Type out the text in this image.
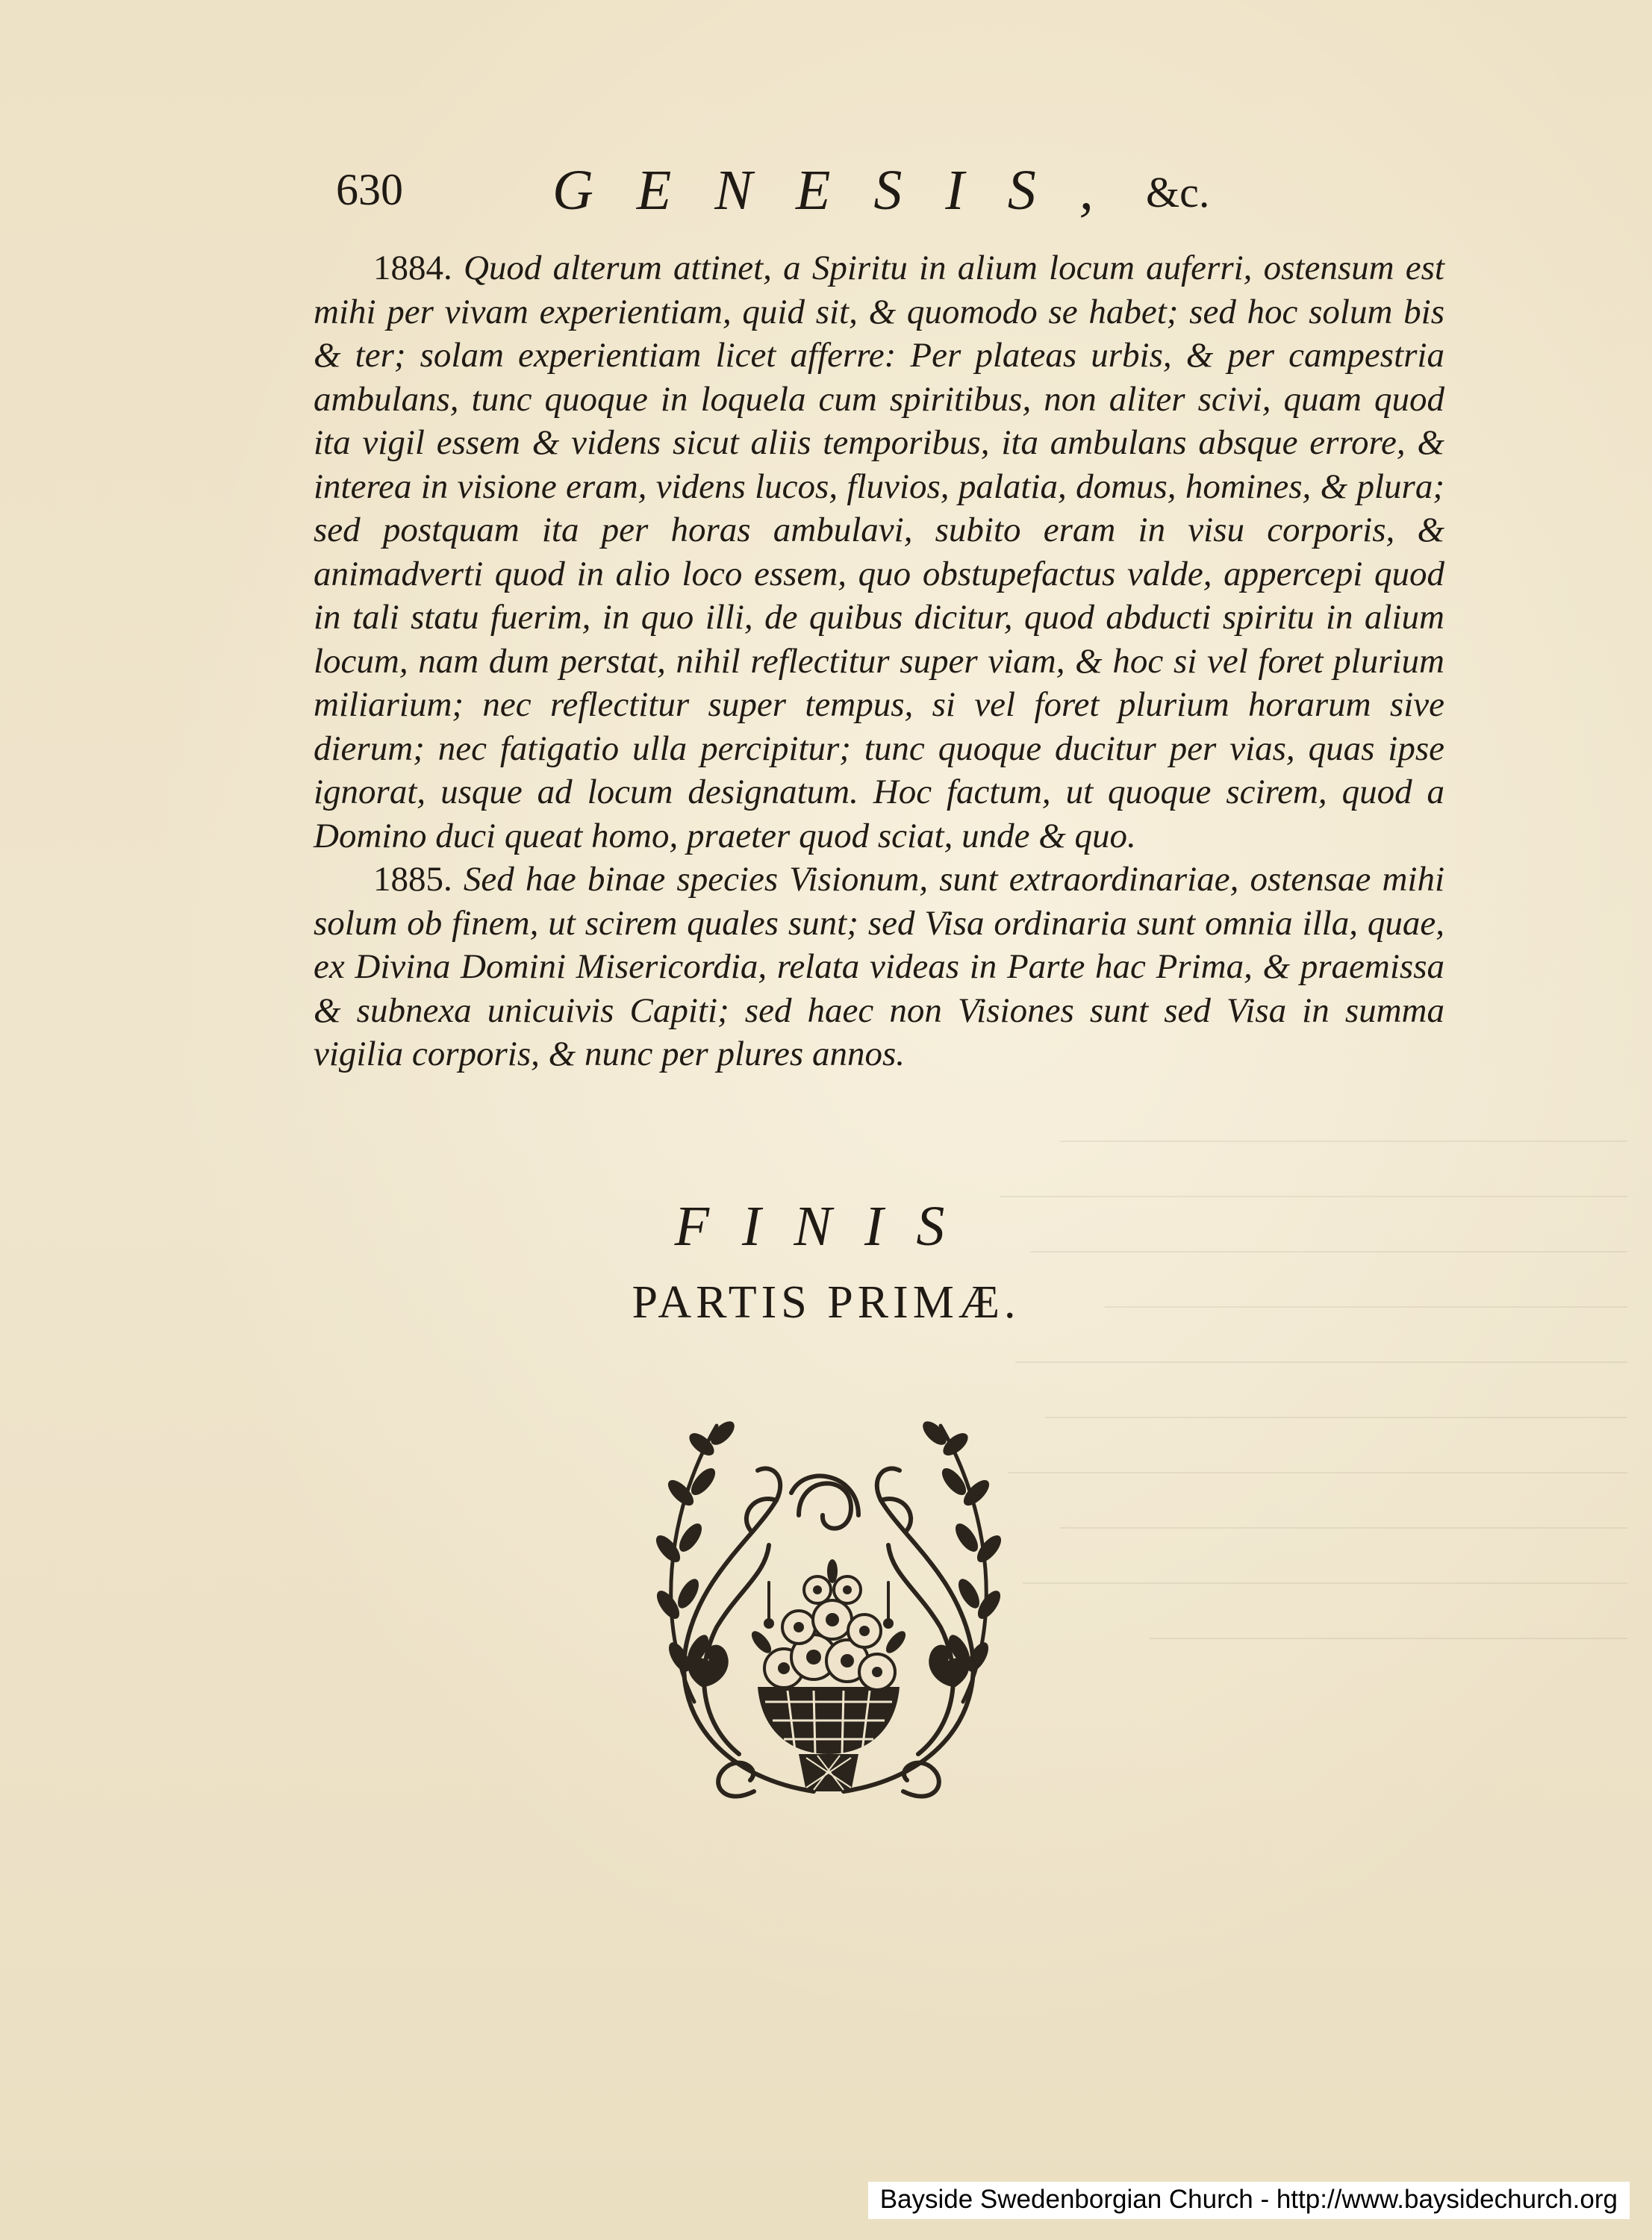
630	GENESIS, &c.

1884. Quod alterum attinet, a Spiritu in alium locum auferri, ostensum est mihi per vivam experientiam, quid sit, & quomodo se habet; sed hoc solum bis & ter; solam experientiam licet afferre: Per plateas urbis, & per campestria ambulans, tunc quoque in loquela cum spiritibus, non aliter scivi, quam quod ita vigil essem & videns sicut aliis temporibus, ita ambulans absque errore, & interea in visione eram, videns lucos, fluvios, palatia, domus, homines, & plura; sed postquam ita per horas ambulavi, subito eram in visu corporis, & animadverti quod in alio loco essem, quo obstupefactus valde, appercepi quod in tali statu fuerim, in quo illi, de quibus dicitur, quod abducti spiritu in alium locum, nam dum perstat, nihil reflectitur super viam, & hoc si vel foret plurium miliarium; nec reflectitur super tempus, si vel foret plurium horarum sive dierum; nec fatigatio ulla percipitur; tunc quoque ducitur per vias, quas ipse ignorat, usque ad locum designatum. Hoc factum, ut quoque scirem, quod a Domino duci queat homo, praeter quod sciat, unde & quo.

1885. Sed hae binae species Visionum, sunt extraordinariae, ostensae mihi solum ob finem, ut scirem quales sunt; sed Visa ordinaria sunt omnia illa, quae, ex Divina Domini Misericordia, relata videas in Parte hac Prima, & praemissa & subnexa unicuivis Capiti; sed haec non Visiones sunt sed Visa in summa vigilia corporis, & nunc per plures annos.

FINIS
PARTIS PRIMÆ.
Bayside Swedenborgian Church - http://www.baysidechurch.org
